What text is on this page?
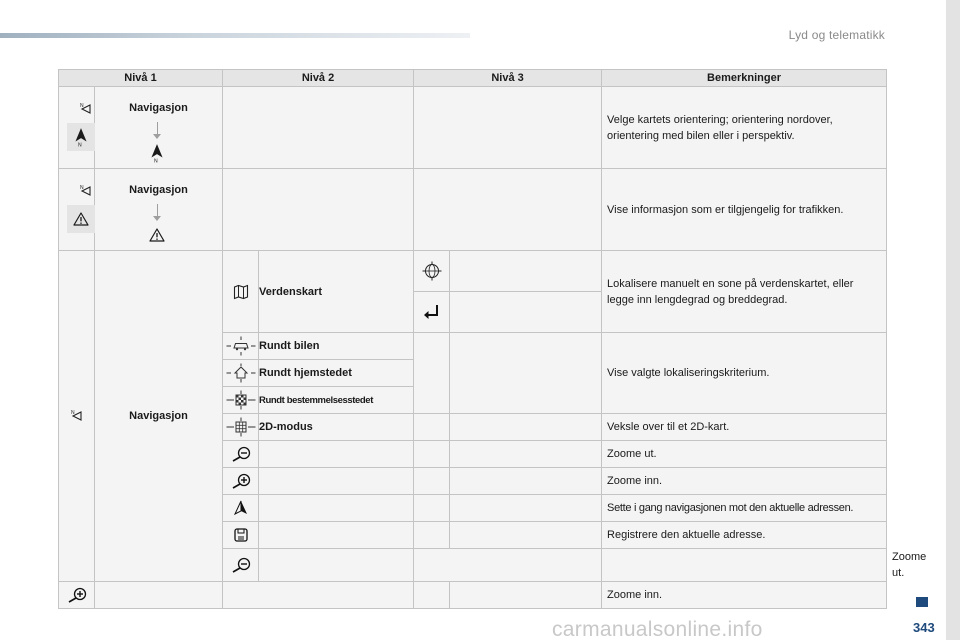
Lyd og telematikk
Nivå 1		Nivå 2		Nivå 3		Bemerkninger	

Navigasjon					Velge kartets orientering; orientering nordover, orientering med bilen eller i perspektiv.	

Navigasjon					Vise informasjon som er tilgjengelig for trafikken.	
	Navigasjon		Verdenskart			Lokalisere manuelt en sone på verdenskartet, eller legge inn lengdegrad og breddegrad.	

	Rundt bilen			Vise valgte lokaliseringskriterium.	
	Rundt hjemstedet				
	Rundt bestemmelsesstedet				
	2D-modus			Veksle over til et 2D-kart.	
				Zoome ut.	
				Zoome inn.	
				Sette i gang navigasjonen mot den aktuelle adressen.	
				Registrere den aktuelle adresse.	
					Zoome ut.
					Zoome inn.	
343
carmanualsonline.info
